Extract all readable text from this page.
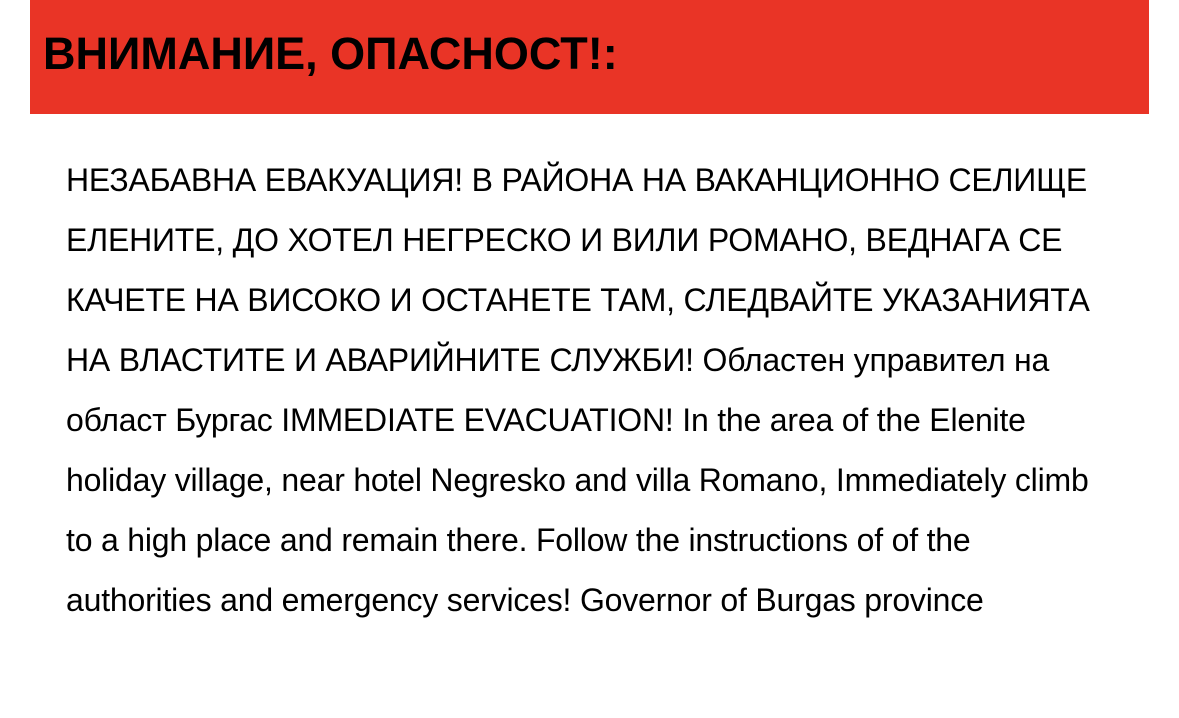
ВНИМАНИЕ, ОПАСНОСТ!:

НЕЗАБАВНА ЕВАКУАЦИЯ! В РАЙОНА НА ВАКАНЦИОННО СЕЛИЩЕ ЕЛЕНИТЕ, ДО ХОТЕЛ НЕГРЕСКО И ВИЛИ РОМАНО, ВЕДНАГА СЕ КАЧЕТЕ НА ВИСОКО И ОСТАНЕТЕ ТАМ, СЛЕДВАЙТЕ УКАЗАНИЯТА НА ВЛАСТИТЕ И АВАРИЙНИТЕ СЛУЖБИ! Областен управител на област Бургас IMMEDIATE EVACUATION! In the area of the Elenite holiday village, near hotel Negresko and villa Romano, Immediately climb to a high place and remain there. Follow the instructions of of the authorities and emergency services! Governor of Burgas province
